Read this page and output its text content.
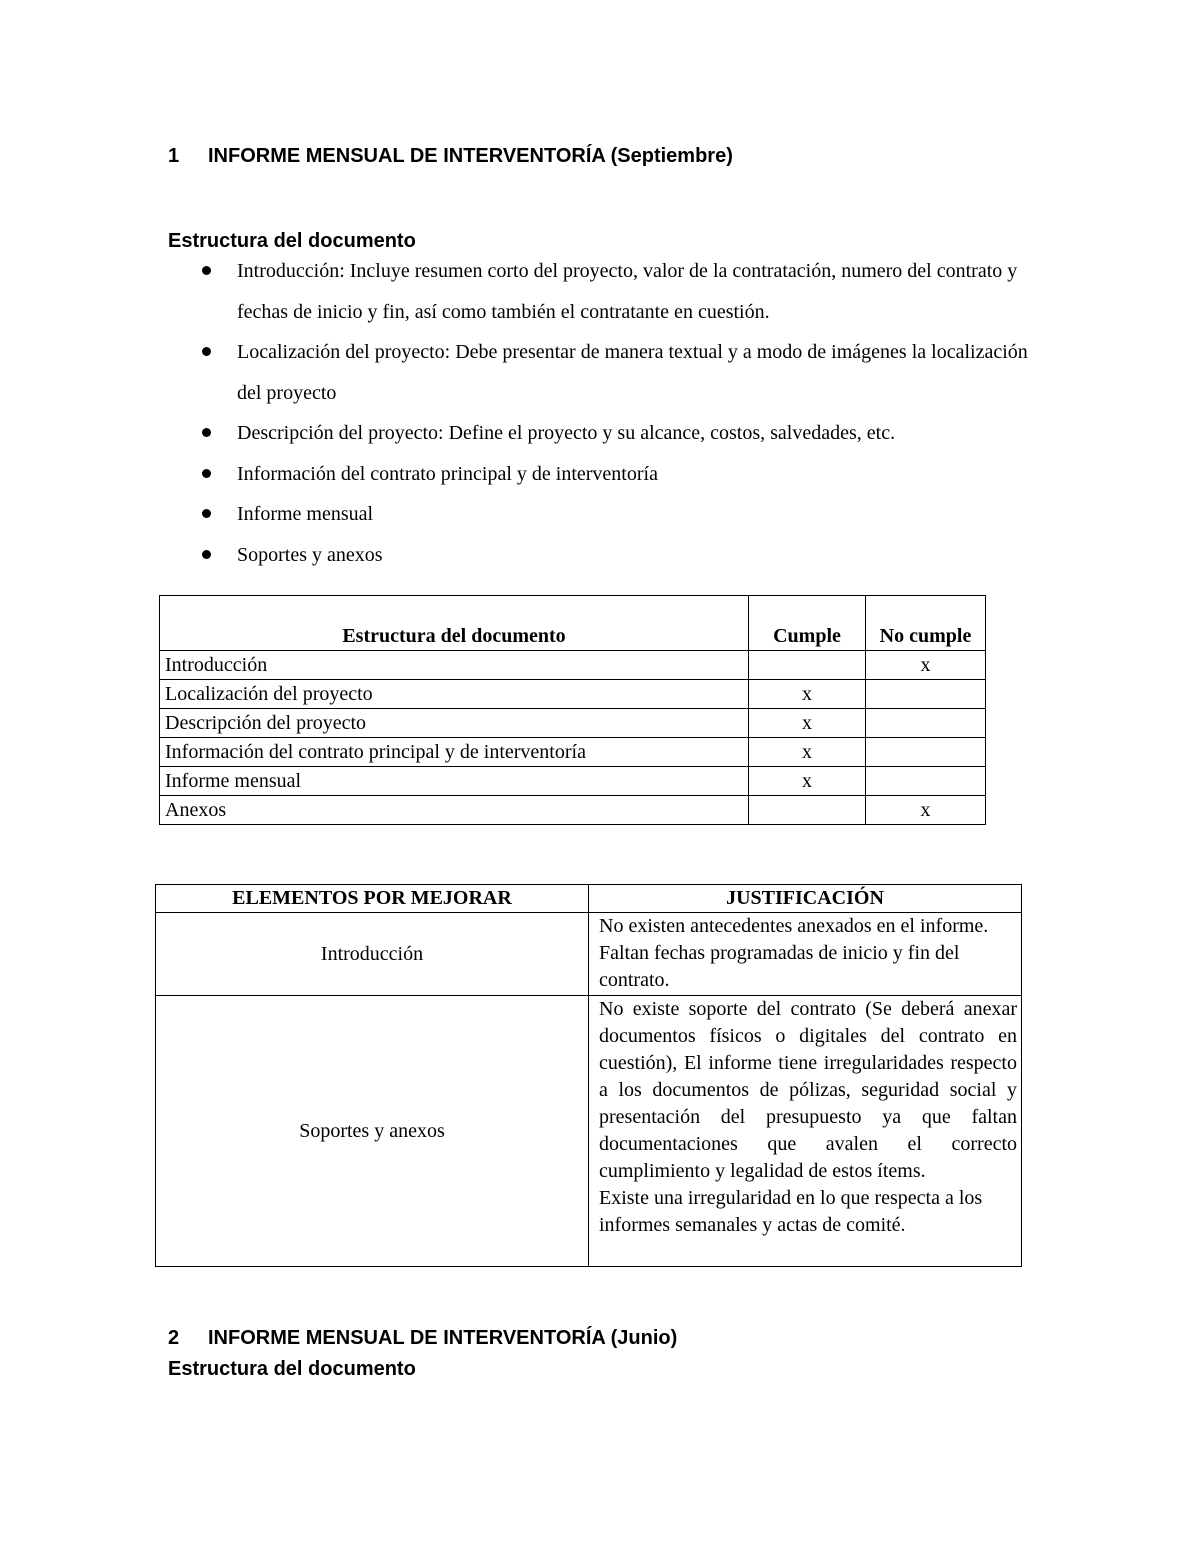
1 INFORME MENSUAL DE INTERVENTORÍA (Septiembre)
Estructura del documento
Introducción: Incluye resumen corto del proyecto, valor de la contratación, numero del contrato y fechas de inicio y fin, así como también el contratante en cuestión.
Localización del proyecto: Debe presentar de manera textual y a modo de imágenes la localización del proyecto
Descripción del proyecto: Define el proyecto y su alcance, costos, salvedades, etc.
Información del contrato principal y de interventoría
Informe mensual
Soportes y anexos
Estructura del documento	Cumple	No cumple
Introducción		x
Localización del proyecto	x	
Descripción del proyecto	x	
Información del contrato principal y de interventoría	x	
Informe mensual	x	
Anexos		x
ELEMENTOS POR MEJORAR	JUSTIFICACIÓN
Introducción	No existen antecedentes anexados en el informe. Faltan fechas programadas de inicio y fin del contrato.
Soportes y anexos	No existe soporte del contrato (Se deberá anexar documentos físicos o digitales del contrato en cuestión), El informe tiene irregularidades respecto a los documentos de pólizas, seguridad social y presentación del presupuesto ya que faltan documentaciones que avalen el correcto cumplimiento y legalidad de estos ítems.
Existe una irregularidad en lo que respecta a los informes semanales y actas de comité.
2 INFORME MENSUAL DE INTERVENTORÍA (Junio)
Estructura del documento
